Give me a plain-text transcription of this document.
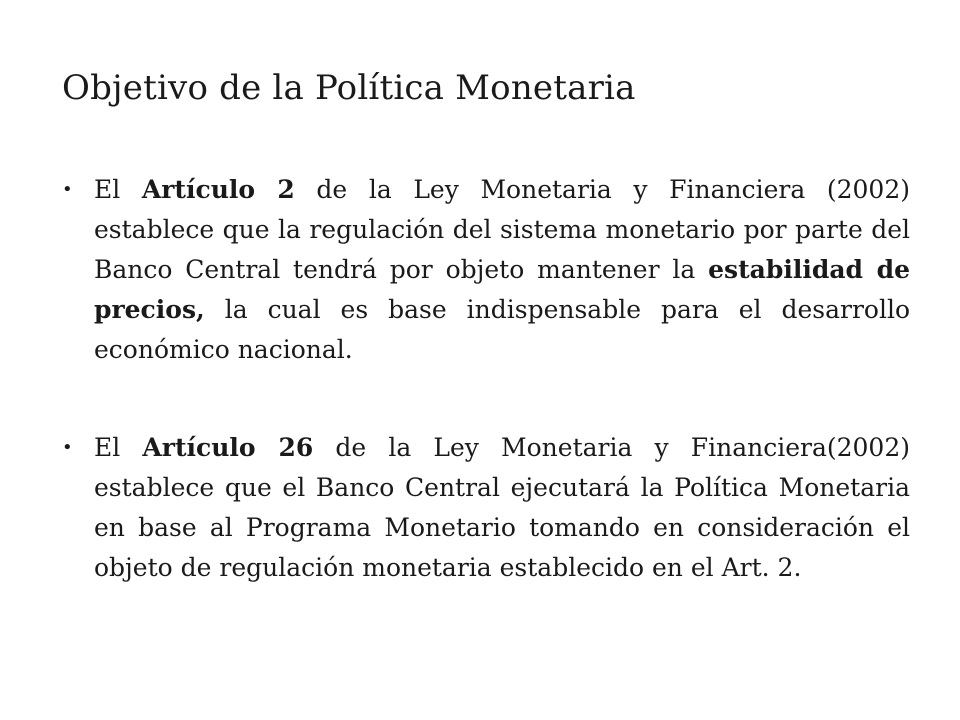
Objetivo de la Política Monetaria
• El Artículo 2 de la Ley Monetaria y Financiera (2002) establece que la regulación del sistema monetario por parte del Banco Central tendrá por objeto mantener la estabilidad de precios, la cual es base indispensable para el desarrollo económico nacional.
• El Artículo 26 de la Ley Monetaria y Financiera(2002) establece que el Banco Central ejecutará la Política Monetaria en base al Programa Monetario tomando en consideración el objeto de regulación monetaria establecido en el Art. 2.
